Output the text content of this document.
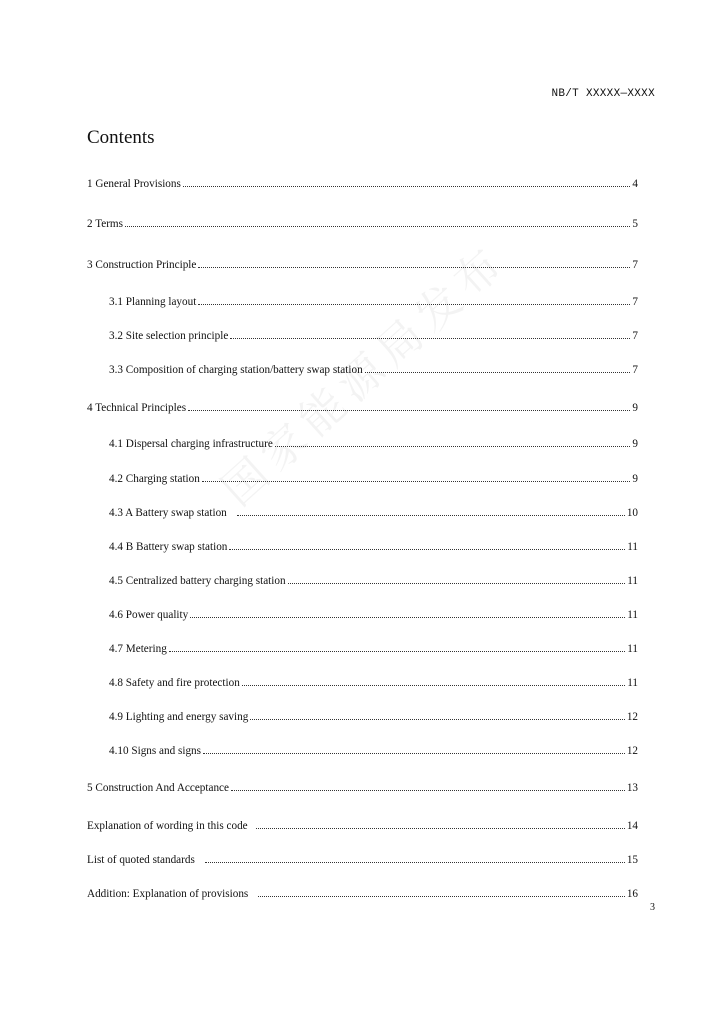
NB/T XXXXX—XXXX
Contents
1 General Provisions	4
2 Terms	5
3 Construction Principle	7
3.1 Planning layout	7
3.2 Site selection principle	7
3.3 Composition of charging station/battery swap station	7
4 Technical Principles	9
4.1 Dispersal charging infrastructure	9
4.2 Charging station	9
4.3 A Battery swap station	10
4.4 B Battery swap station	11
4.5 Centralized battery charging station	11
4.6 Power quality	11
4.7 Metering	11
4.8 Safety and fire protection	11
4.9 Lighting and energy saving	12
4.10 Signs and signs	12
5 Construction And Acceptance	13
Explanation of wording in this code	14
List of quoted standards	15
Addition: Explanation of provisions	16
3
